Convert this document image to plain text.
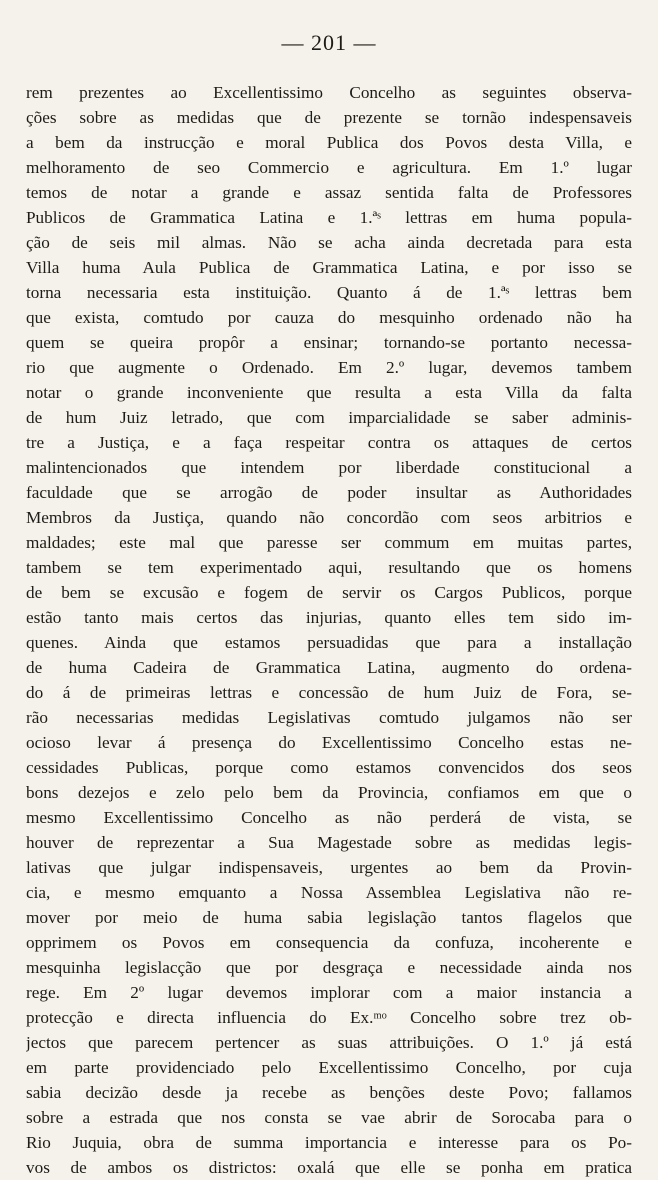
— 201 —
rem prezentes ao Excellentissimo Concelho as seguintes observa-
ções sobre as medidas que de prezente se tornão indespensaveis
a bem da instrucção e moral Publica dos Povos desta Villa, e
melhoramento de seo Commercio e agricultura. Em 1.º lugar
temos de notar a grande e assaz sentida falta de Professores
Publicos de Grammatica Latina e 1.ªˢ lettras em huma popula-
ção de seis mil almas. Não se acha ainda decretada para esta
Villa huma Aula Publica de Grammatica Latina, e por isso se
torna necessaria esta instituição. Quanto á de 1.ªˢ lettras bem
que exista, comtudo por cauza do mesquinho ordenado não ha
quem se queira propôr a ensinar; tornando-se portanto necessa-
rio que augmente o Ordenado. Em 2.º lugar, devemos tambem
notar o grande inconveniente que resulta a esta Villa da falta
de hum Juiz letrado, que com imparcialidade se saber adminis-
tre a Justiça, e a faça respeitar contra os attaques de certos
malintencionados que intendem por liberdade constitucional a
faculdade que se arrogão de poder insultar as Authoridades
Membros da Justiça, quando não concordão com seos arbitrios e
maldades; este mal que paresse ser commum em muitas partes,
tambem se tem experimentado aqui, resultando que os homens
de bem se excusão e fogem de servir os Cargos Publicos, porque
estão tanto mais certos das injurias, quanto elles tem sido im-
quenes. Ainda que estamos persuadidas que para a installação
de huma Cadeira de Grammatica Latina, augmento do ordena-
do á de primeiras lettras e concessão de hum Juiz de Fora, se-
rão necessarias medidas Legislativas comtudo julgamos não ser
ocioso levar á presença do Excellentissimo Concelho estas ne-
cessidades Publicas, porque como estamos convencidos dos seos
bons dezejos e zelo pelo bem da Provincia, confiamos em que o
mesmo Excellentissimo Concelho as não perderá de vista, se
houver de reprezentar a Sua Magestade sobre as medidas legis-
lativas que julgar indispensaveis, urgentes ao bem da Provin-
cia, e mesmo emquanto a Nossa Assemblea Legislativa não re-
mover por meio de huma sabia legislação tantos flagelos que
opprimem os Povos em consequencia da confuza, incoherente e
mesquinha legislacção que por desgraça e necessidade ainda nos
rege. Em 2º lugar devemos implorar com a maior instancia a
protecção e directa influencia do Ex.ᵐᵒ Concelho sobre trez ob-
jectos que parecem pertencer as suas attribuições. O 1.º já está
em parte providenciado pelo Excellentissimo Concelho, por cuja
sabia decizão desde ja recebe as benções deste Povo; fallamos
sobre a estrada que nos consta se vae abrir de Sorocaba para o
Rio Juquia, obra de summa importancia e interesse para os Po-
vos de ambos os districtos: oxalá que elle se ponha em pratica
